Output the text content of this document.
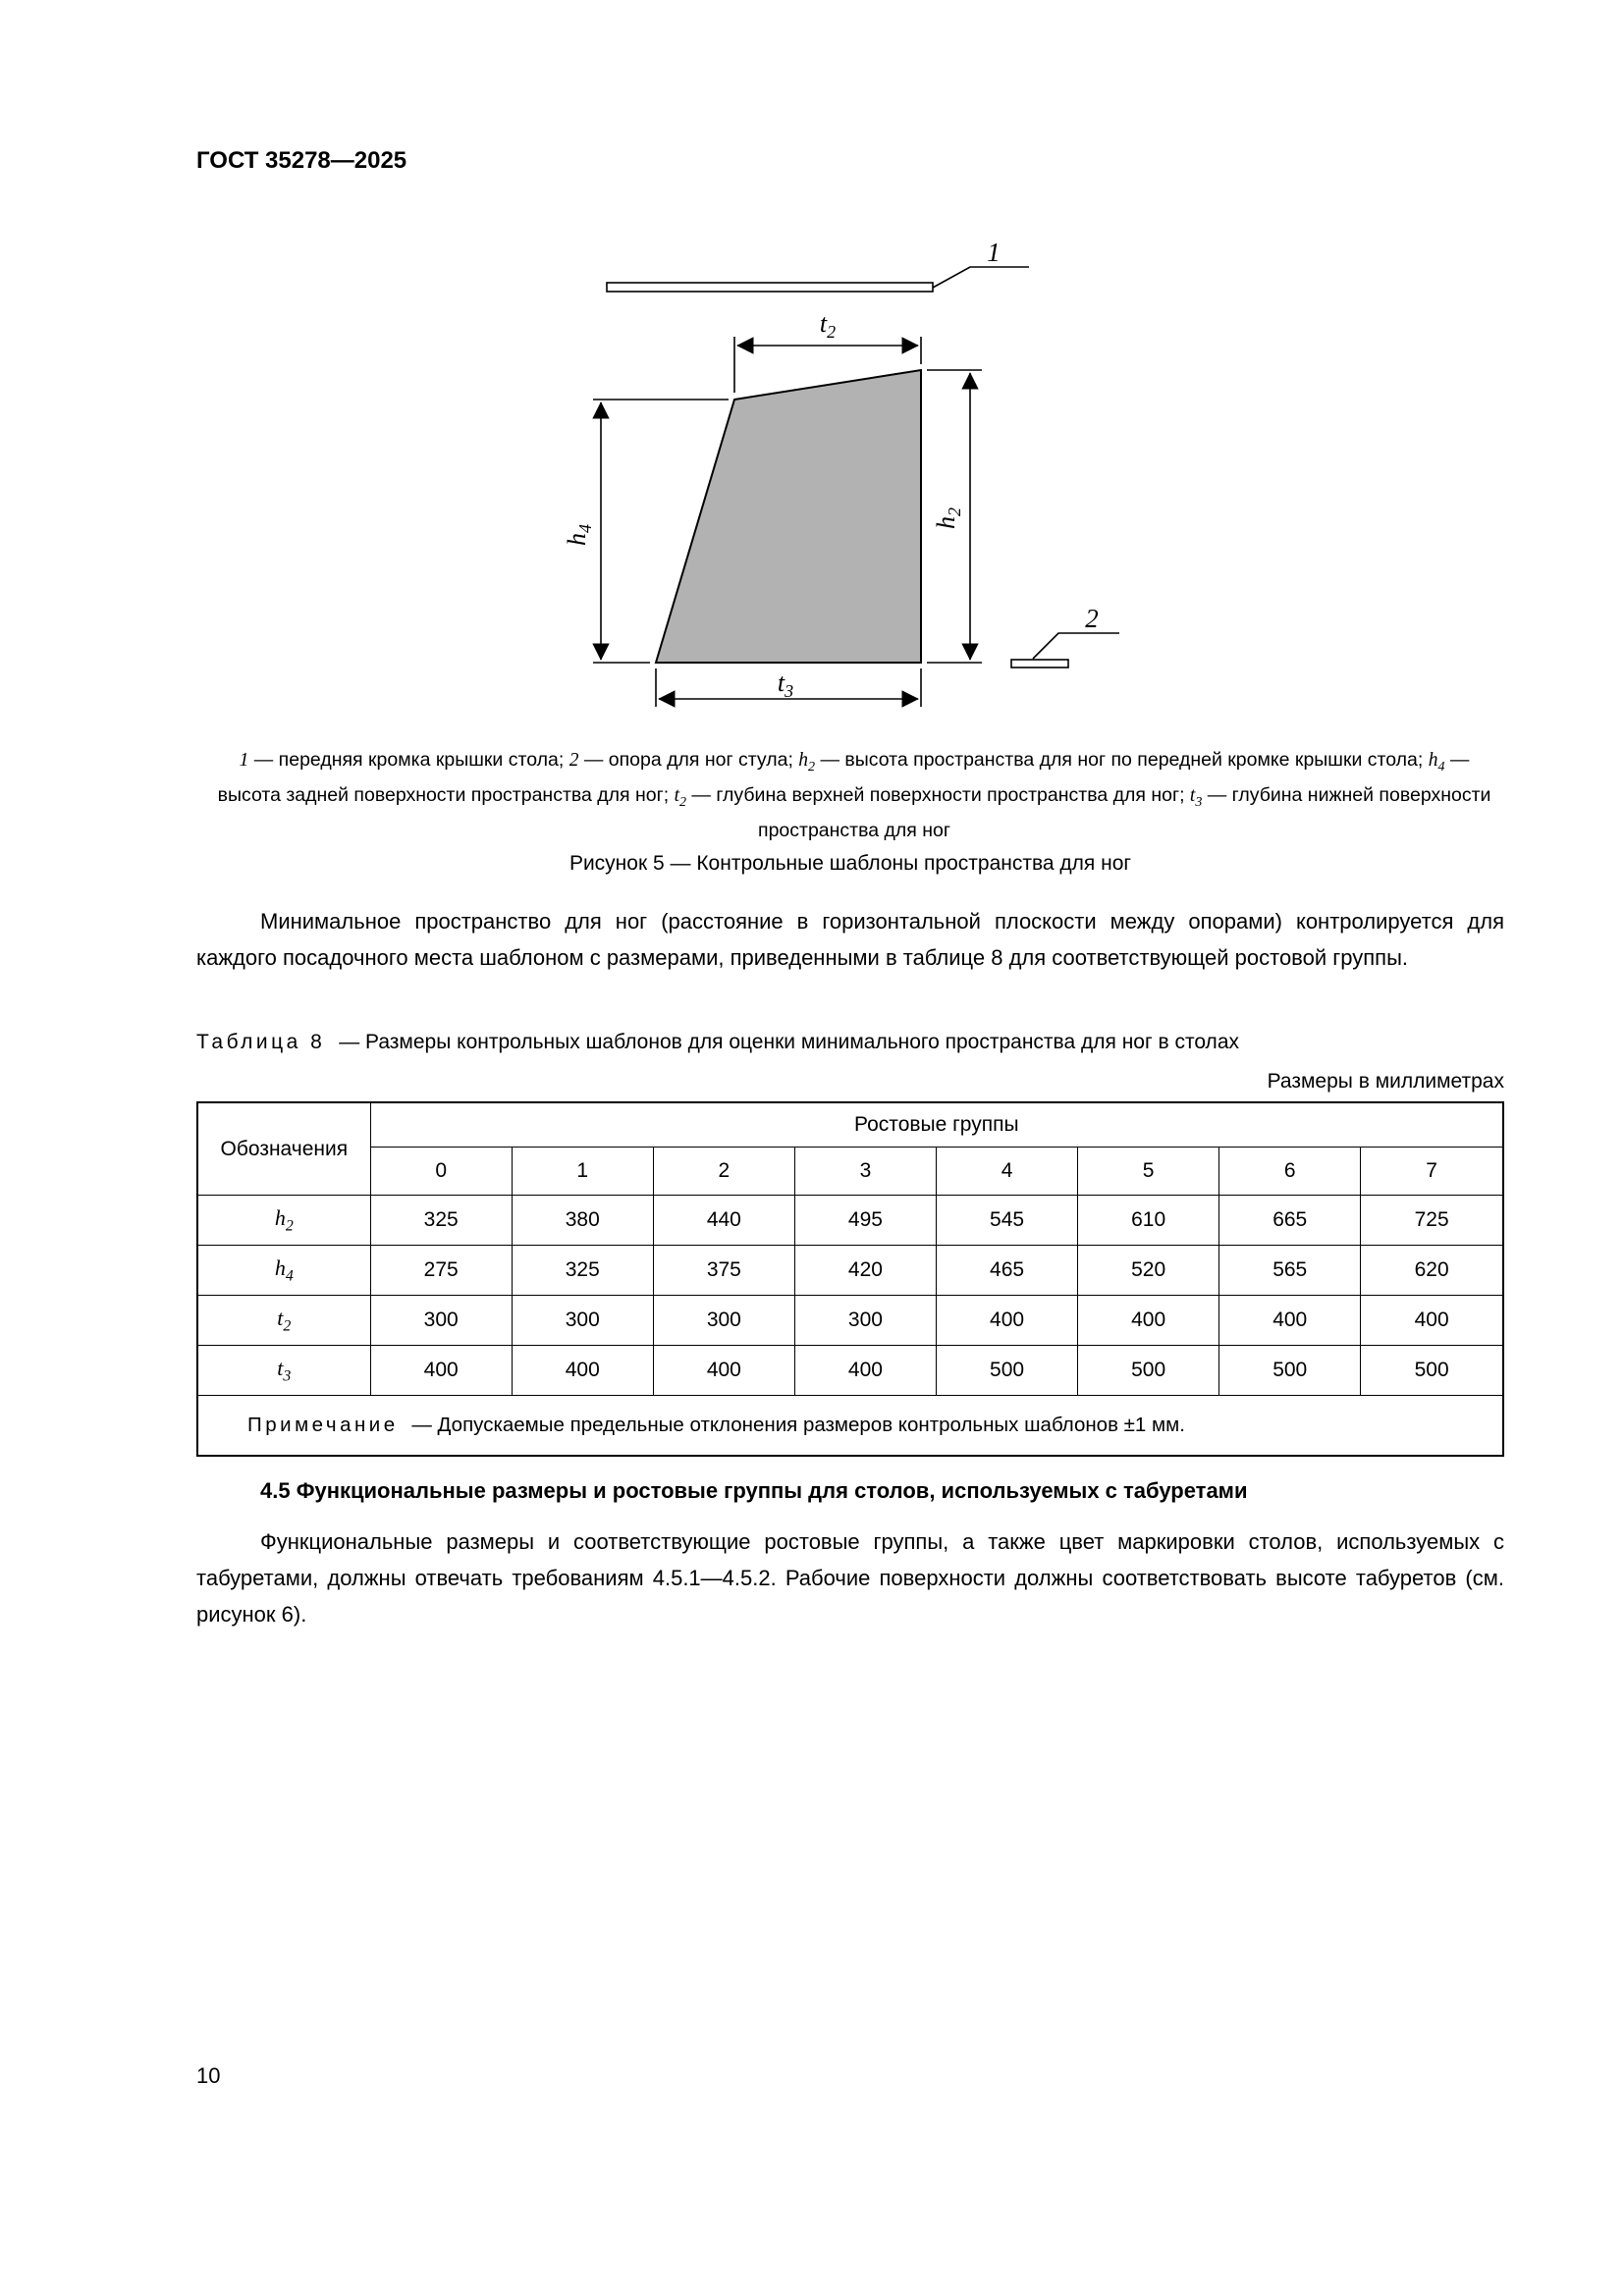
ГОСТ 35278—2025
1
$t_2$
$h_4$	$h_2$
$t_3$
2
1 — передняя кромка крышки стола; 2 — опора для ног стула; $h_2$ — высота пространства для ног по передней кромке крышки стола; $h_4$ — высота задней поверхности пространства для ног; $t_2$ — глубина верхней поверхности пространства для ног; $t_3$ — глубина нижней поверхности пространства для ног
Рисунок 5 — Контрольные шаблоны пространства для ног
Минимальное пространство для ног (расстояние в горизонтальной плоскости между опорами) контролируется для каждого посадочного места шаблоном с размерами, приведенными в таблице 8 для соответствующей ростовой группы.
Таблица 8 — Размеры контрольных шаблонов для оценки минимального пространства для ног в столах
Размеры в миллиметрах
Обозначения	Ростовые группы							
	0	1	2	3	4	5	6	7
$h_2$	325	380	440	495	545	610	665	725
$h_4$	275	325	375	420	465	520	565	620
$t_2$	300	300	300	300	400	400	400	400
$t_3$	400	400	400	400	500	500	500	500
Примечание — Допускаемые предельные отклонения размеров контрольных шаблонов ±1 мм.								
4.5 Функциональные размеры и ростовые группы для столов, используемых с табуретами
Функциональные размеры и соответствующие ростовые группы, а также цвет маркировки столов, используемых с табуретами, должны отвечать требованиям 4.5.1—4.5.2. Рабочие поверхности должны соответствовать высоте табуретов (см. рисунок 6).
10
